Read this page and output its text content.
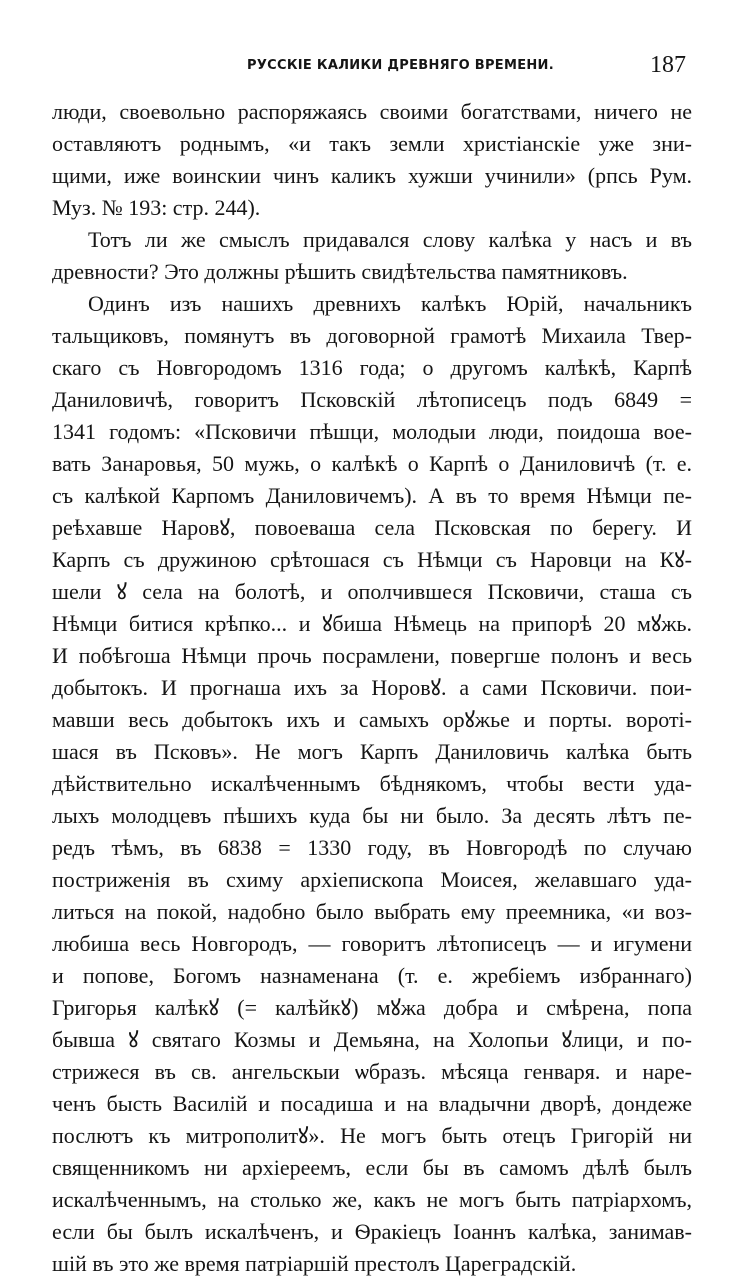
РУССКІЕ КАЛИКИ ДРЕВНЯГО ВРЕМЕНИ.	187
люди, своевольно распоряжаясь своими богатствами, ничего не
оставляютъ роднымъ, «и такъ земли христіанскіе уже зни-
щими, иже воинскии чинъ каликъ хужши учинили» (рпсь Рум.
Муз. № 193: стр. 244).
Тотъ ли же смыслъ придавался слову калѣка у насъ и въ
древности? Это должны рѣшить свидѣтельства памятниковъ.
Одинъ изъ нашихъ древнихъ калѣкъ Юрій, начальникъ
тальщиковъ, помянутъ въ договорной грамотѣ Михаила Твер-
скаго съ Новгородомъ 1316 года; о другомъ калѣкѣ, Карпѣ
Даниловичѣ, говоритъ Псковскій лѣтописецъ подъ 6849 =
1341 годомъ: «Псковичи пѣшци, молодыи люди, поидоша вое-
вать Занаровья, 50 мужь, о калѣкѣ о Карпѣ о Даниловичѣ (т. е.
съ калѣкой Карпомъ Даниловичемъ). А въ то время Нѣмци пе-
реѣхавше Наровꙋ, повоеваша села Псковская по берегу. И
Карпъ съ дружиною срѣтошася съ Нѣмци съ Наровци на Кꙋ-
шели ꙋ села на болотѣ, и ополчившеся Псковичи, сташа съ
Нѣмци битися крѣпко... и ꙋбиша Нѣмець на припорѣ 20 мꙋжь.
И побѣгоша Нѣмци прочь посрамлени, повергше полонъ и весь
добытокъ. И прогнаша ихъ за Норовꙋ. а сами Псковичи. пои-
мавши весь добытокъ ихъ и самыхъ орꙋжье и порты. воротi-
шася въ Псковъ». Не могъ Карпъ Даниловичь калѣка быть
дѣйствительно искалѣченнымъ бѣднякомъ, чтобы вести уда-
лыхъ молодцевъ пѣшихъ куда бы ни было. За десять лѣтъ пе-
редъ тѣмъ, въ 6838 = 1330 году, въ Новгородѣ по случаю
постриженія въ схиму архіепископа Моисея, желавшаго уда-
литься на покой, надобно было выбрать ему преемника, «и воз-
любиша весь Новгородъ, — говоритъ лѣтописецъ — и игумени
и попове, Богомъ назнаменана (т. е. жребіемъ избраннаго)
Григорья калѣкꙋ (= калѣйкꙋ) мꙋжа добра и смѣрена, попа
бывша ꙋ святаго Козмы и Демьяна, на Холопьи ꙋлици, и по-
стрижеся въ св. ангельскыи ѡбразъ. мѣсяца генваря. и наре-
ченъ бысть Василій и посадиша и на владычни дворѣ, дондеже
послютъ къ митрополитꙋ». Не могъ быть отецъ Григорій ни
священникомъ ни архіереемъ, если бы въ самомъ дѣлѣ былъ
искалѣченнымъ, на столько же, какъ не могъ быть патріархомъ,
если бы былъ искалѣченъ, и Ѳракіецъ Іоаннъ калѣка, занимав-
шій въ это же время патріаршій престолъ Цареградскій.
